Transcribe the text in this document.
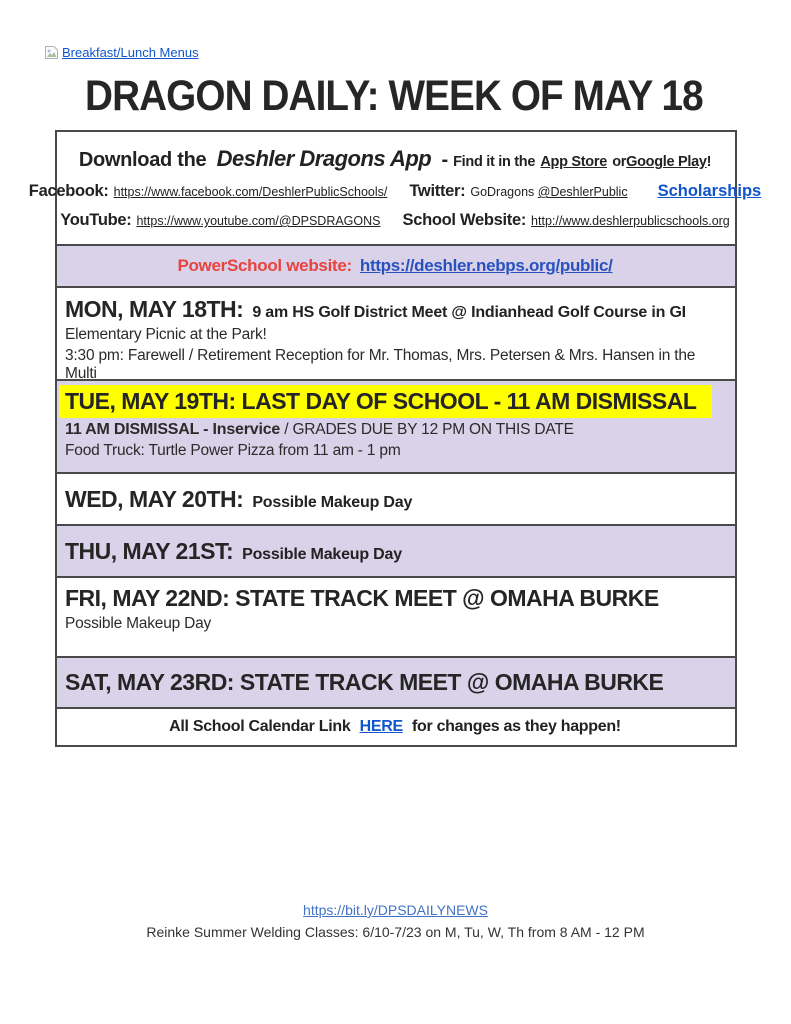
Breakfast/Lunch Menus
DRAGON DAILY: WEEK OF MAY 18
Download the Deshler Dragons App - Find it in the App Store orGoogle Play!
Facebook: https://www.facebook.com/DeshlerPublicSchools/ Twitter: GoDragons
@DeshlerPublic Scholarships
YouTube: https://www.youtube.com/@DPSDRAGONS School Website: http://www.deshlerpublicschools.org
PowerSchool website: https://deshler.nebps.org/public/
MON, MAY 18TH: 9 am HS Golf District Meet @ Indianhead Golf Course in GI

Elementary Picnic at the Park!

3:30 pm: Farewell / Retirement Reception for Mr. Thomas, Mrs. Petersen & Mrs. Hansen in the Multi

TUE, MAY 19TH: LAST DAY OF SCHOOL - 11 AM DISMISSAL

11 AM DISMISSAL - Inservice / GRADES DUE BY 12 PM ON THIS DATE

Food Truck: Turtle Power Pizza from 11 am - 1 pm

WED, MAY 20TH: Possible Makeup Day
THU, MAY 21ST: Possible Makeup Day
FRI, MAY 22ND: STATE TRACK MEET @ OMAHA BURKE

Possible Makeup Day

SAT, MAY 23RD: STATE TRACK MEET @ OMAHA BURKE
All School Calendar Link HERE for changes as they happen!
https://bit.ly/DPSDAILYNEWS
Reinke Summer Welding Classes: 6/10-7/23 on M, Tu, W, Th from 8 AM - 12 PM
